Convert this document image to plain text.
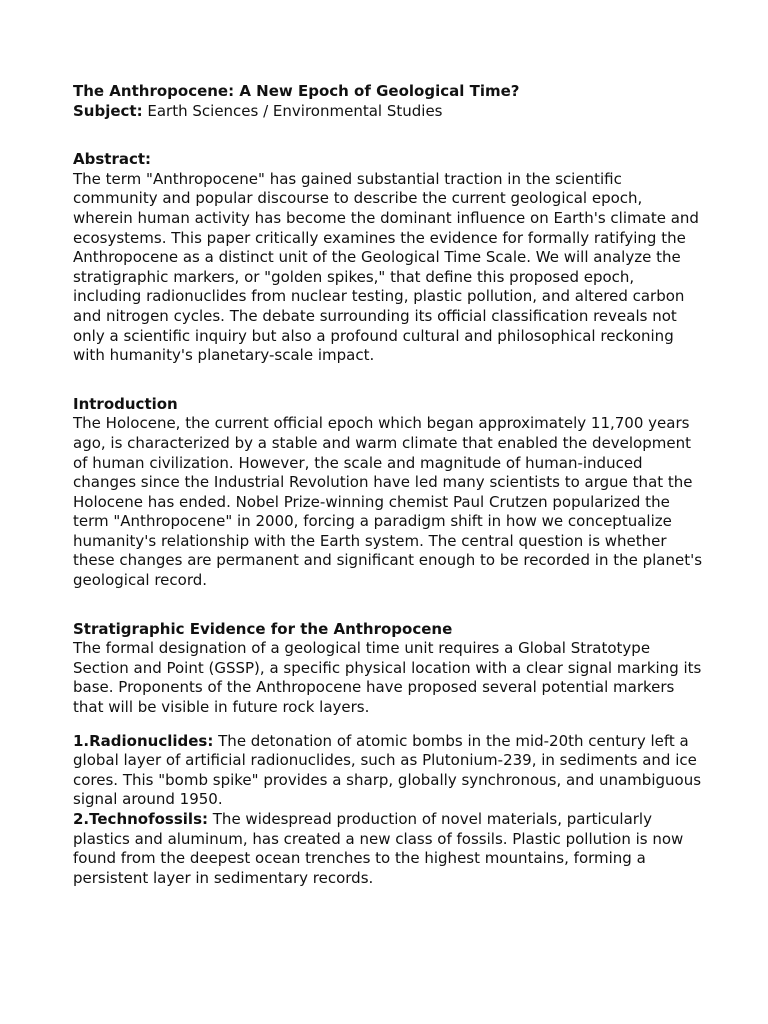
The Anthropocene: A New Epoch of Geological Time?

Subject: Earth Sciences / Environmental Studies

Abstract:

The term "Anthropocene" has gained substantial traction in the scientific community and popular discourse to describe the current geological epoch, wherein human activity has become the dominant influence on Earth's climate and ecosystems. This paper critically examines the evidence for formally ratifying the Anthropocene as a distinct unit of the Geological Time Scale. We will analyze the stratigraphic markers, or "golden spikes," that define this proposed epoch, including radionuclides from nuclear testing, plastic pollution, and altered carbon and nitrogen cycles. The debate surrounding its official classification reveals not only a scientific inquiry but also a profound cultural and philosophical reckoning with humanity's planetary-scale impact.

Introduction

The Holocene, the current official epoch which began approximately 11,700 years ago, is characterized by a stable and warm climate that enabled the development of human civilization. However, the scale and magnitude of human-induced changes since the Industrial Revolution have led many scientists to argue that the Holocene has ended. Nobel Prize-winning chemist Paul Crutzen popularized the term "Anthropocene" in 2000, forcing a paradigm shift in how we conceptualize humanity's relationship with the Earth system. The central question is whether these changes are permanent and significant enough to be recorded in the planet's geological record.

Stratigraphic Evidence for the Anthropocene

The formal designation of a geological time unit requires a Global Stratotype Section and Point (GSSP), a specific physical location with a clear signal marking its base. Proponents of the Anthropocene have proposed several potential markers that will be visible in future rock layers.

1.Radionuclides: The detonation of atomic bombs in the mid-20th century left a global layer of artificial radionuclides, such as Plutonium-239, in sediments and ice cores. This "bomb spike" provides a sharp, globally synchronous, and unambiguous signal around 1950.

2.Technofossils: The widespread production of novel materials, particularly plastics and aluminum, has created a new class of fossils. Plastic pollution is now found from the deepest ocean trenches to the highest mountains, forming a persistent layer in sedimentary records.
